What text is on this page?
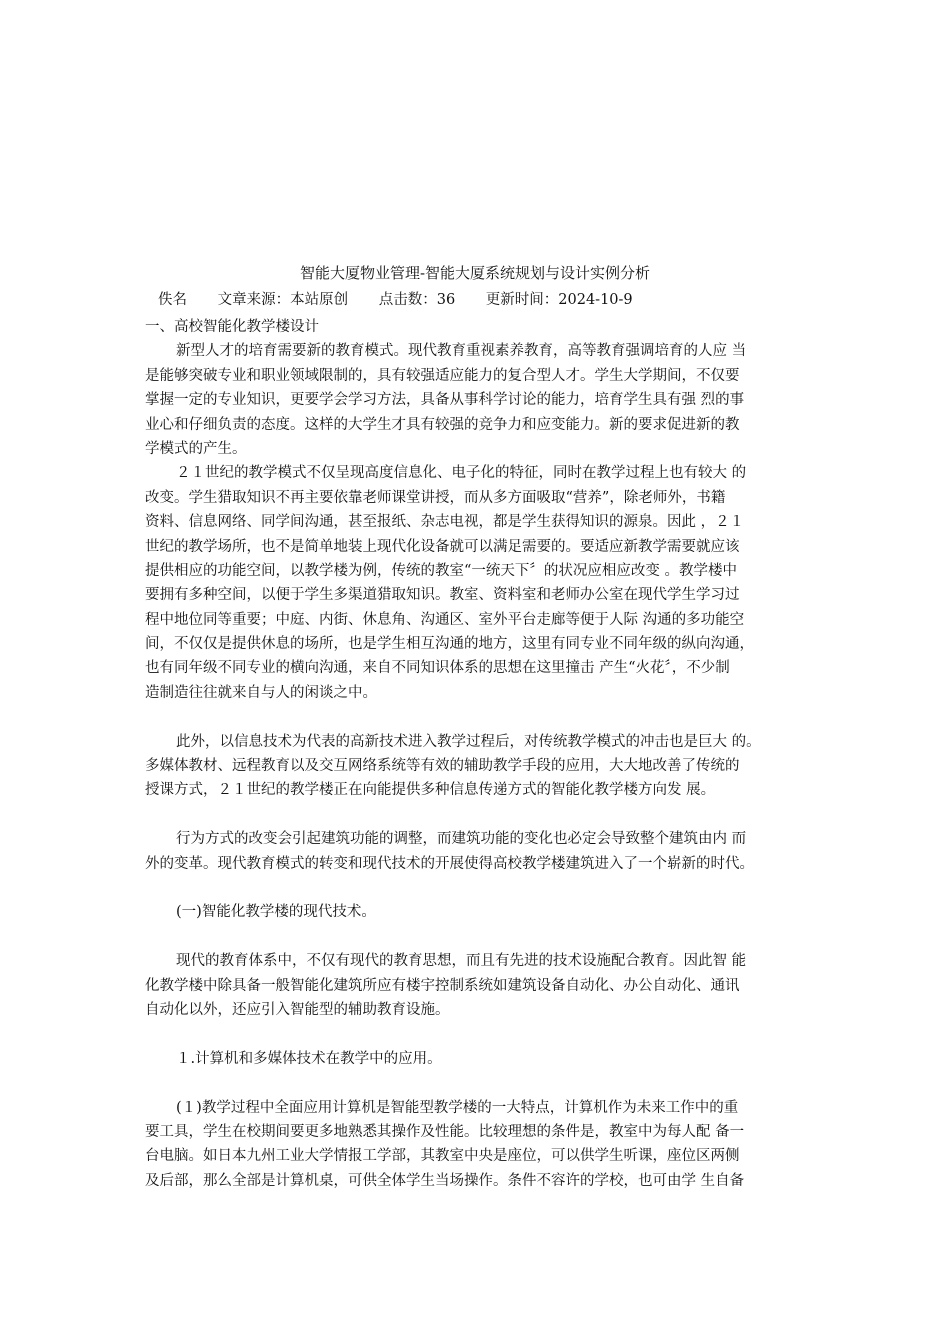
智能大厦物业管理-智能大厦系统规划与设计实例分析
佚名 文章来源：本站原创 点击数：36 更新时间：2024-10-9
一、高校智能化教学楼设计
新型人才的培育需要新的教育模式。现代教育重视素养教育，高等教育强调培育的人应 当
是能够突破专业和职业领域限制的，具有较强适应能力的复合型人才。学生大学期间，不仅要
掌握一定的专业知识，更要学会学习方法，具备从事科学讨论的能力，培育学生具有强 烈的事
业心和仔细负责的态度。这样的大学生才具有较强的竞争力和应变能力。新的要求促进新的教
学模式的产生。
２１世纪的教学模式不仅呈现高度信息化、电子化的特征，同时在教学过程上也有较大 的
改变。学生猎取知识不再主要依靠老师课堂讲授，而从多方面吸取“营养”，除老师外，书籍
资料、信息网络、同学间沟通，甚至报纸、杂志电视，都是学生获得知识的源泉。因此 ，２１
世纪的教学场所，也不是简单地装上现代化设备就可以满足需要的。要适应新教学需要就应该
提供相应的功能空间，以教学楼为例，传统的教室“一统天下〞的状况应相应改变 。教学楼中
要拥有多种空间，以便于学生多渠道猎取知识。教室、资料室和老师办公室在现代学生学习过
程中地位同等重要；中庭、内街、休息角、沟通区、室外平台走廊等便于人际 沟通的多功能空
间，不仅仅是提供休息的场所，也是学生相互沟通的地方，这里有同专业不同年级的纵向沟通，
也有同年级不同专业的横向沟通，来自不同知识体系的思想在这里撞击 产生“火花〞，不少制
造制造往往就来自与人的闲谈之中。
此外，以信息技术为代表的高新技术进入教学过程后，对传统教学模式的冲击也是巨大 的。
多媒体教材、远程教育以及交互网络系统等有效的辅助教学手段的应用，大大地改善了传统的
授课方式，２１世纪的教学楼正在向能提供多种信息传递方式的智能化教学楼方向发 展。
行为方式的改变会引起建筑功能的调整，而建筑功能的变化也必定会导致整个建筑由内 而
外的变革。现代教育模式的转变和现代技术的开展使得高校教学楼建筑进入了一个崭新的时代。
(一)智能化教学楼的现代技术。
现代的教育体系中，不仅有现代的教育思想，而且有先进的技术设施配合教育。因此智 能
化教学楼中除具备一般智能化建筑所应有楼宇控制系统如建筑设备自动化、办公自动化、通讯
自动化以外，还应引入智能型的辅助教育设施。
１.计算机和多媒体技术在教学中的应用。
(１)教学过程中全面应用计算机是智能型教学楼的一大特点，计算机作为未来工作中的重
要工具，学生在校期间要更多地熟悉其操作及性能。比较理想的条件是，教室中为每人配 备一
台电脑。如日本九州工业大学情报工学部，其教室中央是座位，可以供学生听课，座位区两侧
及后部，那么全部是计算机桌，可供全体学生当场操作。条件不容许的学校，也可由学 生自备
